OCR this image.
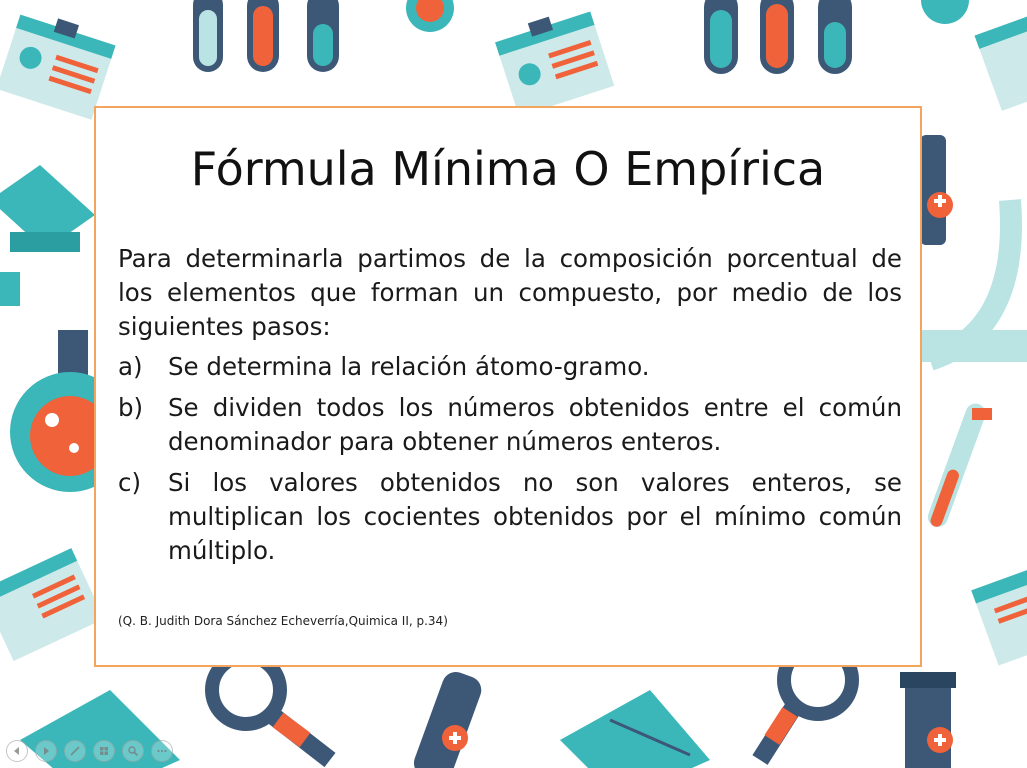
Fórmula Mínima O Empírica

Para determinarla partimos de la composición porcentual de los elementos que forman un compuesto, por medio de los siguientes pasos:

a)	Se determina la relación átomo-gramo.
b)	Se dividen todos los números obtenidos entre el común denominador para obtener números enteros.
c)	Si los valores obtenidos no son valores enteros, se multiplican los cocientes obtenidos por el mínimo común múltiplo.
(Q. B. Judith Dora Sánchez Echeverría,Quimica II, p.34)
